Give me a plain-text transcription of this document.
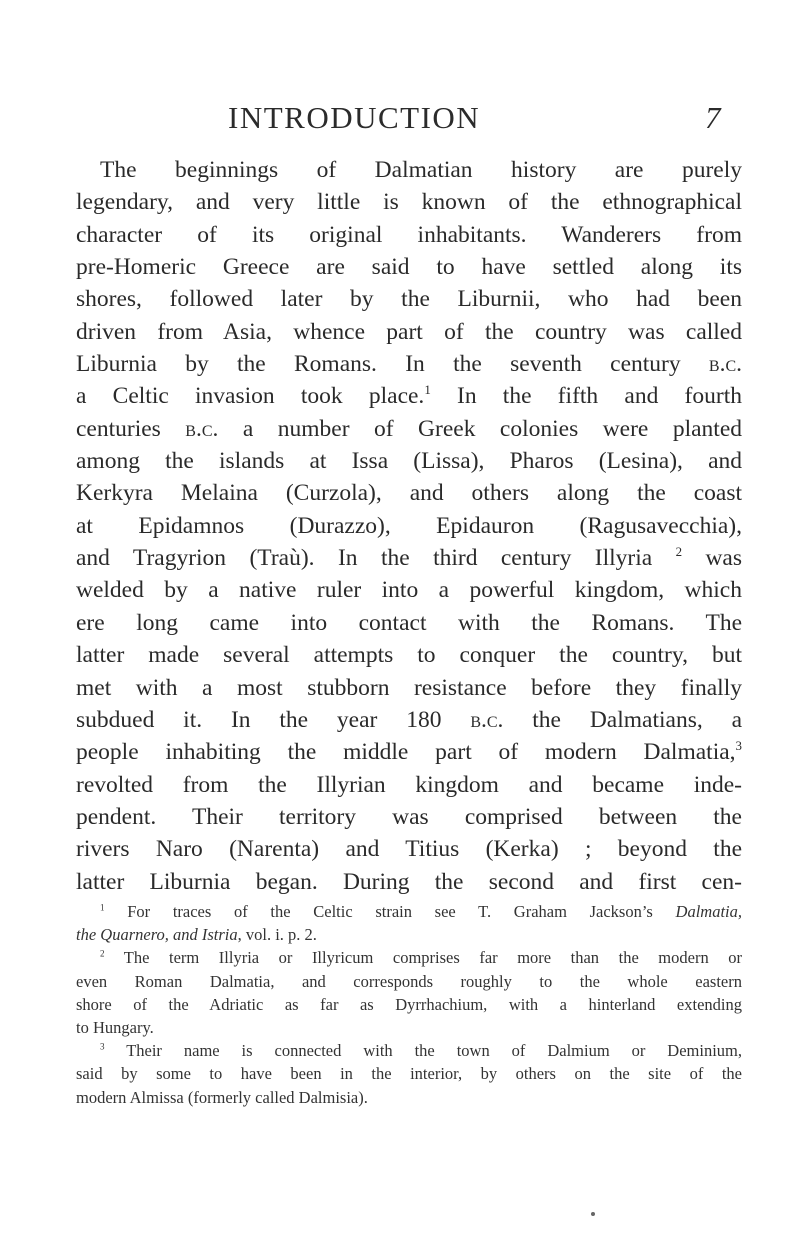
INTRODUCTION	7
The beginnings of Dalmatian history are purely
legendary, and very little is known of the ethnographical
character of its original inhabitants. Wanderers from
pre-Homeric Greece are said to have settled along its
shores, followed later by the Liburnii, who had been
driven from Asia, whence part of the country was called
Liburnia by the Romans. In the seventh century b.c.
a Celtic invasion took place.$^1$ In the fifth and fourth
centuries b.c. a number of Greek colonies were planted
among the islands at Issa (Lissa), Pharos (Lesina), and
Kerkyra Melaina (Curzola), and others along the coast
at Epidamnos (Durazzo), Epidauron (Ragusavecchia),
and Tragyrion (Traù). In the third century Illyria $^2$ was
welded by a native ruler into a powerful kingdom, which
ere long came into contact with the Romans. The
latter made several attempts to conquer the country, but
met with a most stubborn resistance before they finally
subdued it. In the year 180 b.c. the Dalmatians, a
people inhabiting the middle part of modern Dalmatia,$^3$
revolted from the Illyrian kingdom and became inde-
pendent. Their territory was comprised between the
rivers Naro (Narenta) and Titius (Kerka) ; beyond the
latter Liburnia began. During the second and first cen-
$^1$ For traces of the Celtic strain see T. Graham Jackson’s Dalmatia,
the Quarnero, and Istria, vol. i. p. 2.
$^2$ The term Illyria or Illyricum comprises far more than the modern or
even Roman Dalmatia, and corresponds roughly to the whole eastern
shore of the Adriatic as far as Dyrrhachium, with a hinterland extending
to Hungary.
$^3$ Their name is connected with the town of Dalmium or Deminium,
said by some to have been in the interior, by others on the site of the
modern Almissa (formerly called Dalmisia).
